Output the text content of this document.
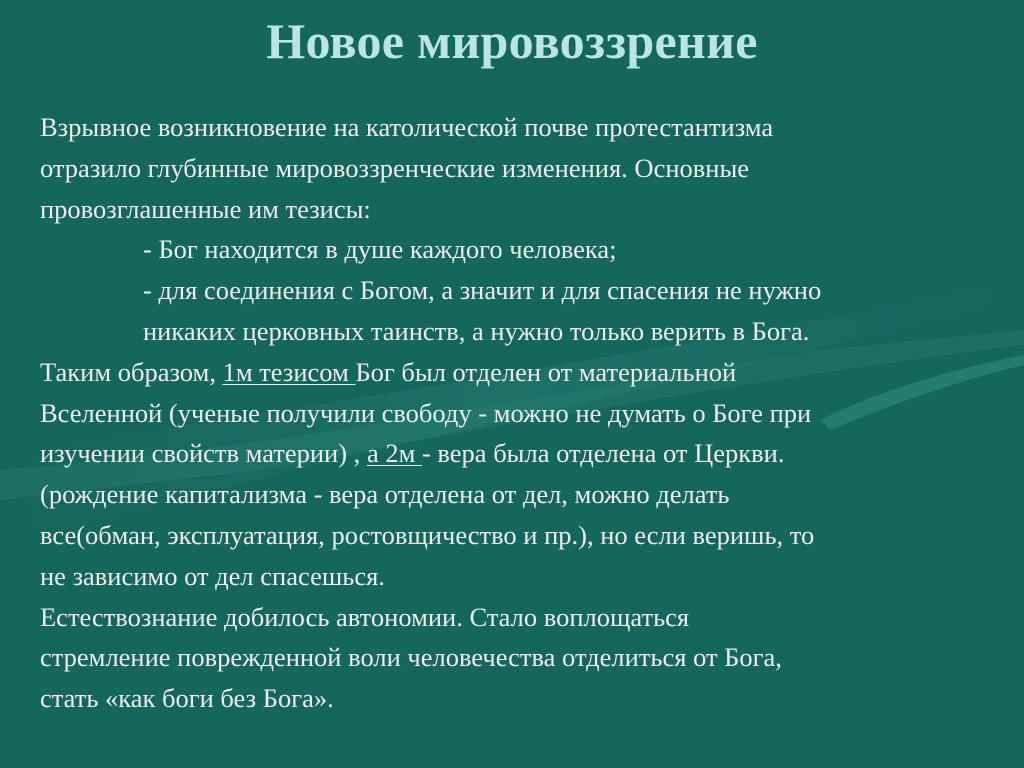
Новое мировоззрение
Взрывное возникновение на католической почве протестантизма
отразило глубинные мировоззренческие изменения. Основные
провозглашенные им тезисы:
- Бог находится в душе каждого человека;
- для соединения с Богом, а значит и для спасения не нужно
никаких церковных таинств, а нужно только верить в Бога.
Таким образом, 1м тезисом Бог был отделен от материальной
Вселенной (ученые получили свободу - можно не думать о Боге при
изучении свойств материи) , а 2м - вера была отделена от Церкви.
(рождение капитализма - вера отделена от дел, можно делать
все(обман, эксплуатация, ростовщичество и пр.), но если веришь, то
не зависимо от дел спасешься.
Естествознание добилось автономии. Стало воплощаться
стремление поврежденной воли человечества отделиться от Бога,
стать «как боги без Бога».
